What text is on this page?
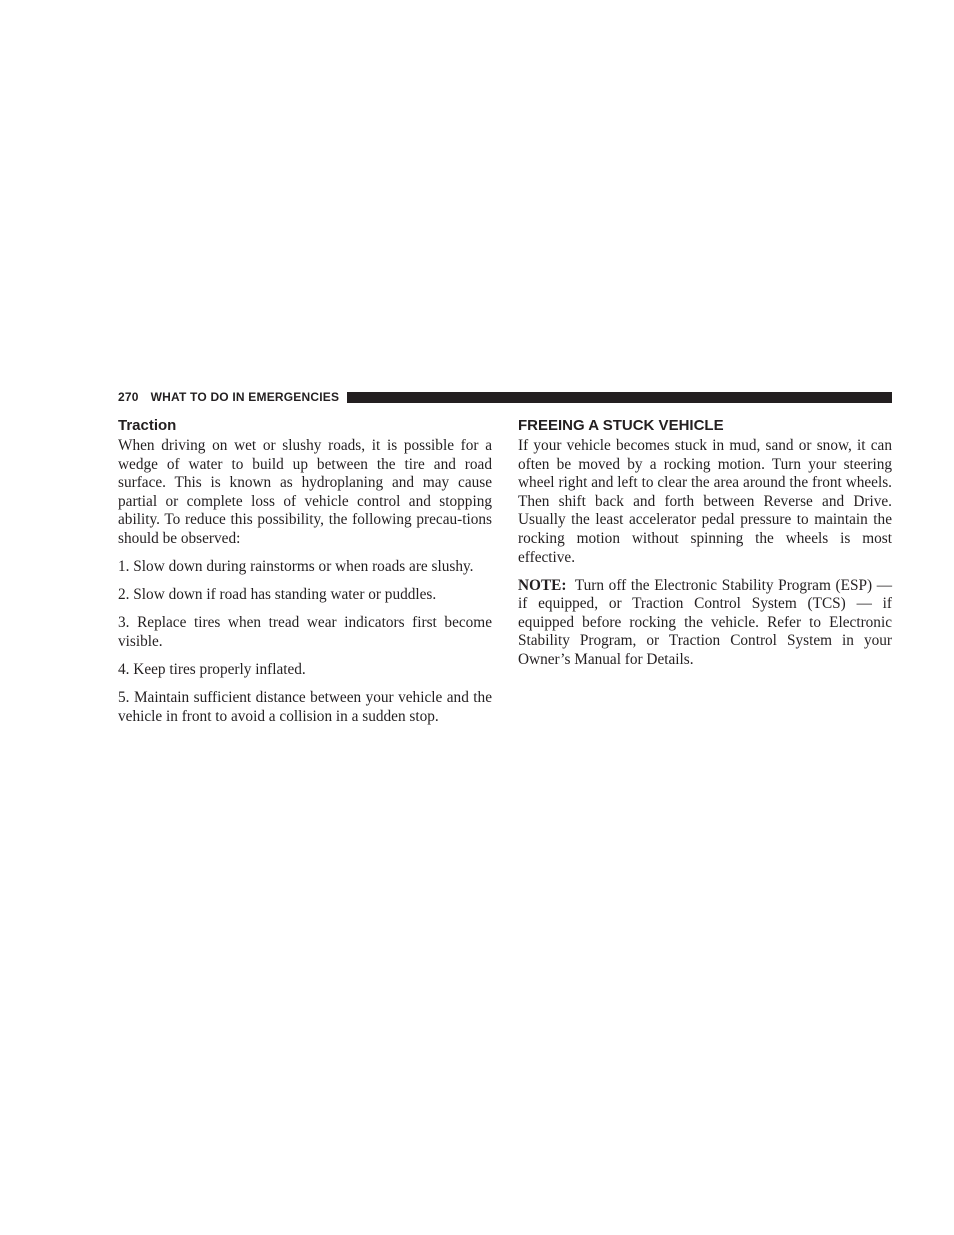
270 WHAT TO DO IN EMERGENCIES
Traction

When driving on wet or slushy roads, it is possible for a wedge of water to build up between the tire and road surface. This is known as hydroplaning and may cause partial or complete loss of vehicle control and stopping ability. To reduce this possibility, the following precau-tions should be observed:

1. Slow down during rainstorms or when roads are slushy.

2. Slow down if road has standing water or puddles.

3. Replace tires when tread wear indicators first become visible.

4. Keep tires properly inflated.

5. Maintain sufficient distance between your vehicle and the vehicle in front to avoid a collision in a sudden stop.

FREEING A STUCK VEHICLE

If your vehicle becomes stuck in mud, sand or snow, it can often be moved by a rocking motion. Turn your steering wheel right and left to clear the area around the front wheels. Then shift back and forth between Reverse and Drive. Usually the least accelerator pedal pressure to maintain the rocking motion without spinning the wheels is most effective.

NOTE: Turn off the Electronic Stability Program (ESP) — if equipped, or Traction Control System (TCS) — if equipped before rocking the vehicle. Refer to Electronic Stability Program, or Traction Control System in your Owner’s Manual for Details.
